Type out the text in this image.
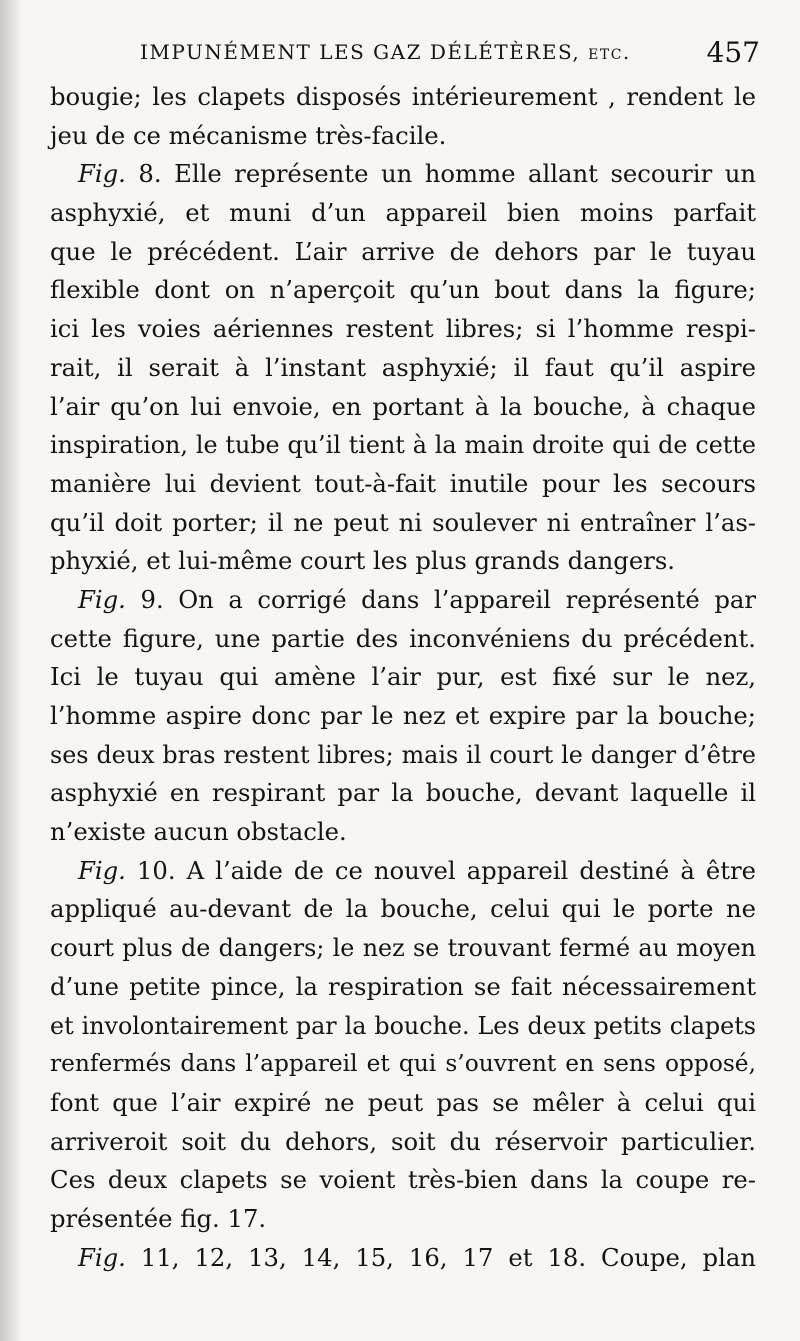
IMPUNÉMENT LES GAZ DÉLÉTÈRES, etc.	457
bougie; les clapets disposés intérieurement , rendent le
jeu de ce mécanisme très-facile.
Fig. 8. Elle représente un homme allant secourir un
asphyxié, et muni d’un appareil bien moins parfait
que le précédent. L’air arrive de dehors par le tuyau
flexible dont on n’aperçoit qu’un bout dans la figure;
ici les voies aériennes restent libres; si l’homme respi-
rait, il serait à l’instant asphyxié; il faut qu’il aspire
l’air qu’on lui envoie, en portant à la bouche, à chaque
inspiration, le tube qu’il tient à la main droite qui de cette
manière lui devient tout-à-fait inutile pour les secours
qu’il doit porter; il ne peut ni soulever ni entraîner l’as-
phyxié, et lui-même court les plus grands dangers.
Fig. 9. On a corrigé dans l’appareil représenté par
cette figure, une partie des inconvéniens du précédent.
Ici le tuyau qui amène l’air pur, est fixé sur le nez,
l’homme aspire donc par le nez et expire par la bouche;
ses deux bras restent libres; mais il court le danger d’être
asphyxié en respirant par la bouche, devant laquelle il
n’existe aucun obstacle.
Fig. 10. A l’aide de ce nouvel appareil destiné à être
appliqué au-devant de la bouche, celui qui le porte ne
court plus de dangers; le nez se trouvant fermé au moyen
d’une petite pince, la respiration se fait nécessairement
et involontairement par la bouche. Les deux petits clapets
renfermés dans l’appareil et qui s’ouvrent en sens opposé,
font que l’air expiré ne peut pas se mêler à celui qui
arriveroit soit du dehors, soit du réservoir particulier.
Ces deux clapets se voient très-bien dans la coupe re-
présentée fig. 17.
Fig. 11, 12, 13, 14, 15, 16, 17 et 18. Coupe, plan
